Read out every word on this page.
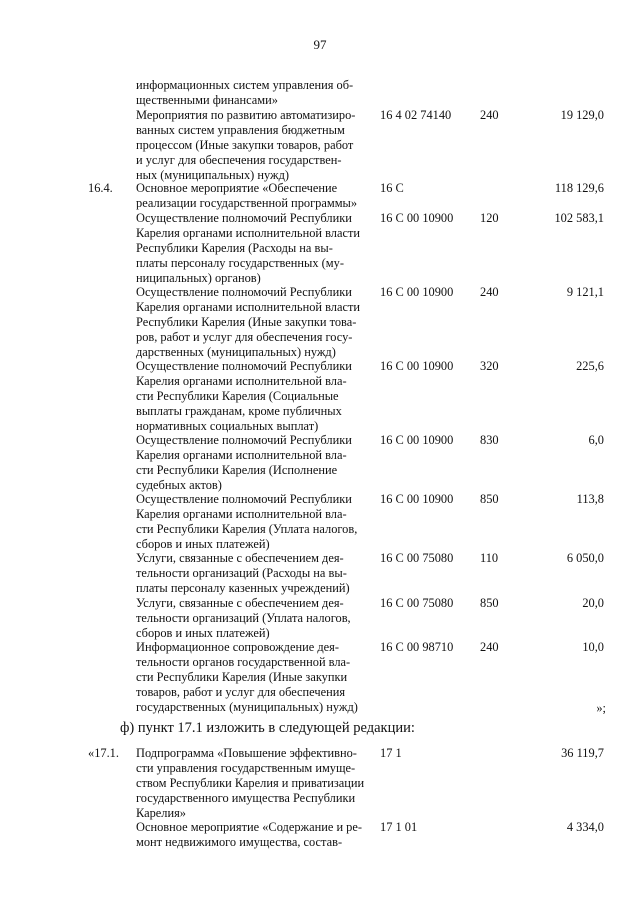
97
информационных систем управления об-
щественными финансами»
Мероприятия по развитию автоматизиро-
ванных систем управления бюджетным
процессом (Иные закупки товаров, работ
и услуг для обеспечения государствен-
ных (муниципальных) нужд)
16 4 02 74140 240	19 129,0
16.4. Основное мероприятие «Обеспечение
реализации государственной программы»
16 С	118 129,6
Осуществление полномочий Республики
Карелия органами исполнительной власти
Республики Карелия (Расходы на вы-
платы персоналу государственных (му-
ниципальных) органов)
16 С 00 10900 120	102 583,1
Осуществление полномочий Республики
Карелия органами исполнительной власти
Республики Карелия (Иные закупки това-
ров, работ и услуг для обеспечения госу-
дарственных (муниципальных) нужд)
16 С 00 10900 240	9 121,1
Осуществление полномочий Республики
Карелия органами исполнительной вла-
сти Республики Карелия (Социальные
выплаты гражданам, кроме публичных
нормативных социальных выплат)
16 С 00 10900 320	225,6
Осуществление полномочий Республики
Карелия органами исполнительной вла-
сти Республики Карелия (Исполнение
судебных актов)
16 С 00 10900 830	6,0
Осуществление полномочий Республики
Карелия органами исполнительной вла-
сти Республики Карелия (Уплата налогов,
сборов и иных платежей)
16 С 00 10900 850	113,8
Услуги, связанные с обеспечением дея-
тельности организаций (Расходы на вы-
платы персоналу казенных учреждений)
16 С 00 75080 110	6 050,0
Услуги, связанные с обеспечением дея-
тельности организаций (Уплата налогов,
сборов и иных платежей)
16 С 00 75080 850	20,0
Информационное сопровождение дея-
тельности органов государственной вла-
сти Республики Карелия (Иные закупки
товаров, работ и услуг для обеспечения
государственных (муниципальных) нужд)
16 С 00 98710 240	10,0
»;
ф) пункт 17.1 изложить в следующей редакции:
«17.1. Подпрограмма «Повышение эффективно-
сти управления государственным имуще-
ством Республики Карелия и приватизации
государственного имущества Республики
Карелия»
17 1	36 119,7
Основное мероприятие «Содержание и ре-
монт недвижимого имущества, состав-
17 1 01	4 334,0
